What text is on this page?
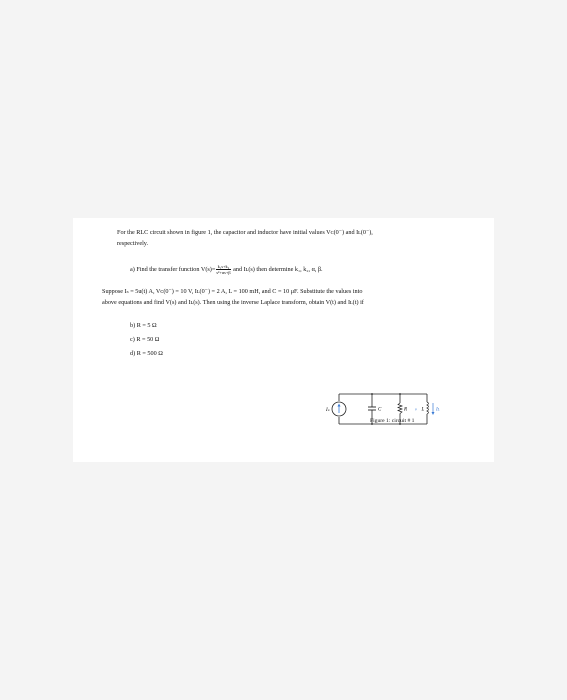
For the RLC circuit shown in figure 1, the capacitor and inductor have initial values Vᴄ(0⁻) and Iʟ(0⁻),
respectively.
a) Find the transfer function $V(s)= \frac{\text{k₁s+k₂}}{\text{s²+αs+β}}$ and Iʟ(s) then determine k₁, k₂, α, β.
Suppose Iₛ = 5u(t) A, Vᴄ(0⁻) = 10 V, Iʟ(0⁻) = 2 A, L = 100 mH, and C = 10 μF. Substitute the values into
above equations and find V(s) and Iʟ(s). Then using the inverse Laplace transform, obtain V(t) and Iʟ(t) if
b) R = 5 Ω
c) R = 50 Ω
d) R = 500 Ω
Iₛ	C	R	L
v	Iʟ
Figure 1: circuit # 1
